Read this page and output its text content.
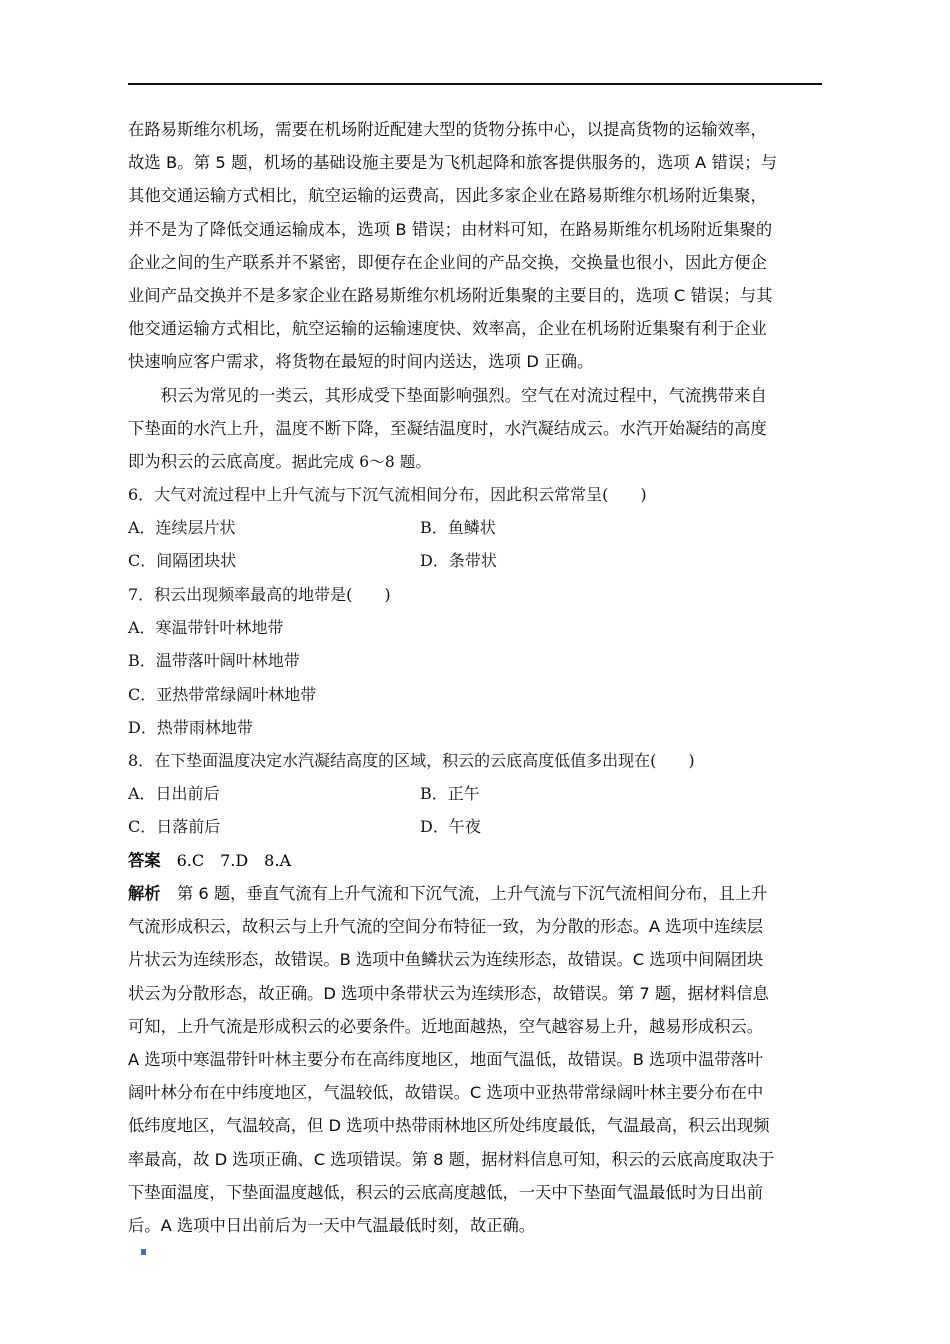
在路易斯维尔机场，需要在机场附近配建大型的货物分拣中心，以提高货物的运输效率，
故选 B。第 5 题，机场的基础设施主要是为飞机起降和旅客提供服务的，选项 A 错误；与
其他交通运输方式相比，航空运输的运费高，因此多家企业在路易斯维尔机场附近集聚，
并不是为了降低交通运输成本，选项 B 错误；由材料可知，在路易斯维尔机场附近集聚的
企业之间的生产联系并不紧密，即便存在企业间的产品交换，交换量也很小，因此方便企
业间产品交换并不是多家企业在路易斯维尔机场附近集聚的主要目的，选项 C 错误；与其
他交通运输方式相比，航空运输的运输速度快、效率高，企业在机场附近集聚有利于企业
快速响应客户需求，将货物在最短的时间内送达，选项 D 正确。
　　积云为常见的一类云，其形成受下垫面影响强烈。空气在对流过程中，气流携带来自
下垫面的水汽上升，温度不断下降，至凝结温度时，水汽凝结成云。水汽开始凝结的高度
即为积云的云底高度。据此完成 6～8 题。
6．大气对流过程中上升气流与下沉气流相间分布，因此积云常常呈(　　)
A．连续层片状	B．鱼鳞状
C．间隔团块状	D．条带状
7．积云出现频率最高的地带是(　　)
A．寒温带针叶林地带
B．温带落叶阔叶林地带
C．亚热带常绿阔叶林地带
D．热带雨林地带
8．在下垫面温度决定水汽凝结高度的区域，积云的云底高度低值多出现在(　　)
A．日出前后	B．正午
C．日落前后	D．午夜
答案　6.C　7.D　8.A
解析　第 6 题，垂直气流有上升气流和下沉气流，上升气流与下沉气流相间分布，且上升
气流形成积云，故积云与上升气流的空间分布特征一致，为分散的形态。A 选项中连续层
片状云为连续形态，故错误。B 选项中鱼鳞状云为连续形态，故错误。C 选项中间隔团块
状云为分散形态，故正确。D 选项中条带状云为连续形态，故错误。第 7 题，据材料信息
可知，上升气流是形成积云的必要条件。近地面越热，空气越容易上升，越易形成积云。
A 选项中寒温带针叶林主要分布在高纬度地区，地面气温低，故错误。B 选项中温带落叶
阔叶林分布在中纬度地区，气温较低，故错误。C 选项中亚热带常绿阔叶林主要分布在中
低纬度地区，气温较高，但 D 选项中热带雨林地区所处纬度最低，气温最高，积云出现频
率最高，故 D 选项正确、C 选项错误。第 8 题，据材料信息可知，积云的云底高度取决于
下垫面温度，下垫面温度越低，积云的云底高度越低，一天中下垫面气温最低时为日出前
后。A 选项中日出前后为一天中气温最低时刻，故正确。
